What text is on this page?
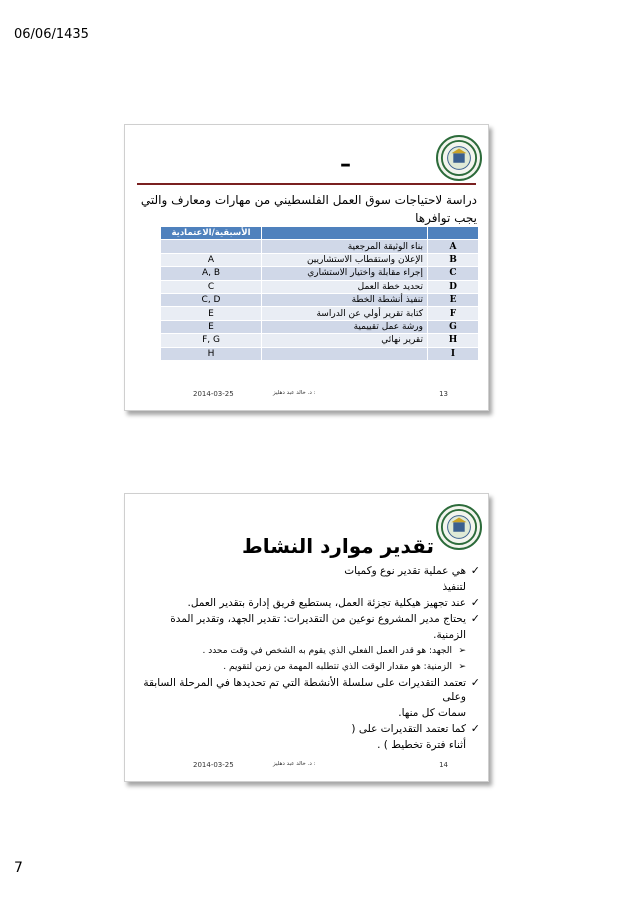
06/06/1435
–
دراسة لاحتياجات سوق العمل الفلسطيني من مهارات ومعارف والتي يجب توافرها
الأسبقية/الاعتمادية		
	بناء الوثيقة المرجعية	A
A	الإعلان واستقطاب الاستشاريين	B
A, B	إجراء مقابلة واختيار الاستشاري	C
C	تحديد خطة العمل	D
C, D	تنفيذ أنشطة الخطة	E
E	كتابة تقرير أولي عن الدراسة	F
E	ورشة عمل تقييمية	G
F, G	تقرير نهائي	H
H		I
2014-03-25	د. خالد عبد دهليز :	13
تقدير موارد النشاط
✓
هي عملية تقدير نوع وكميات
لتنفيذ
✓
عند تجهيز هيكلية تجزئة العمل، يستطيع فريق إدارة بتقدير العمل.
✓
يحتاج مدير المشروع نوعين من التقديرات: تقدير الجهد، وتقدير المدة
الزمنية.
➢
الجهد: هو قدر العمل الفعلي الذي يقوم به الشخص في وقت محدد .
➢
الزمنية: هو مقدار الوقت الذي تتطلبه المهمة من زمن لتقويم .
✓
تعتمد التقديرات على سلسلة الأنشطة التي تم تحديدها في المرحلة السابقة وعلى
سمات كل منها.
✓
كما تعتمد التقديرات على (
أثناء فترة تخطيط ) .
2014-03-25	د. خالد عبد دهليز :	14
7
